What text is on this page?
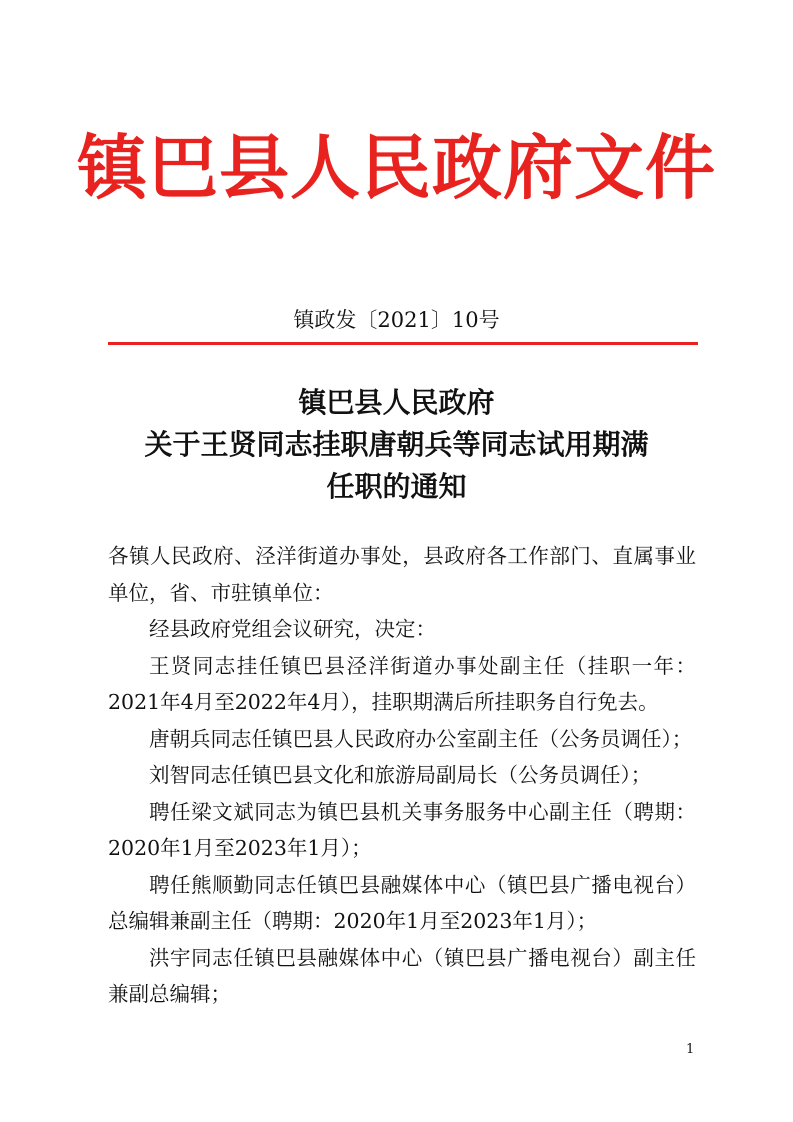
镇巴县人民政府文件
镇政发〔2021〕10号
镇巴县人民政府
关于王贤同志挂职唐朝兵等同志试用期满
任职的通知

各镇人民政府、泾洋街道办事处，县政府各工作部门、直属事业单位，省、市驻镇单位：

经县政府党组会议研究，决定：

王贤同志挂任镇巴县泾洋街道办事处副主任（挂职一年：2021年4月至2022年4月），挂职期满后所挂职务自行免去。

唐朝兵同志任镇巴县人民政府办公室副主任（公务员调任）；

刘智同志任镇巴县文化和旅游局副局长（公务员调任）；

聘任梁文斌同志为镇巴县机关事务服务中心副主任（聘期：2020年1月至2023年1月）；

聘任熊顺勤同志任镇巴县融媒体中心（镇巴县广播电视台）总编辑兼副主任（聘期：2020年1月至2023年1月）；

洪宇同志任镇巴县融媒体中心（镇巴县广播电视台）副主任兼副总编辑；

1
